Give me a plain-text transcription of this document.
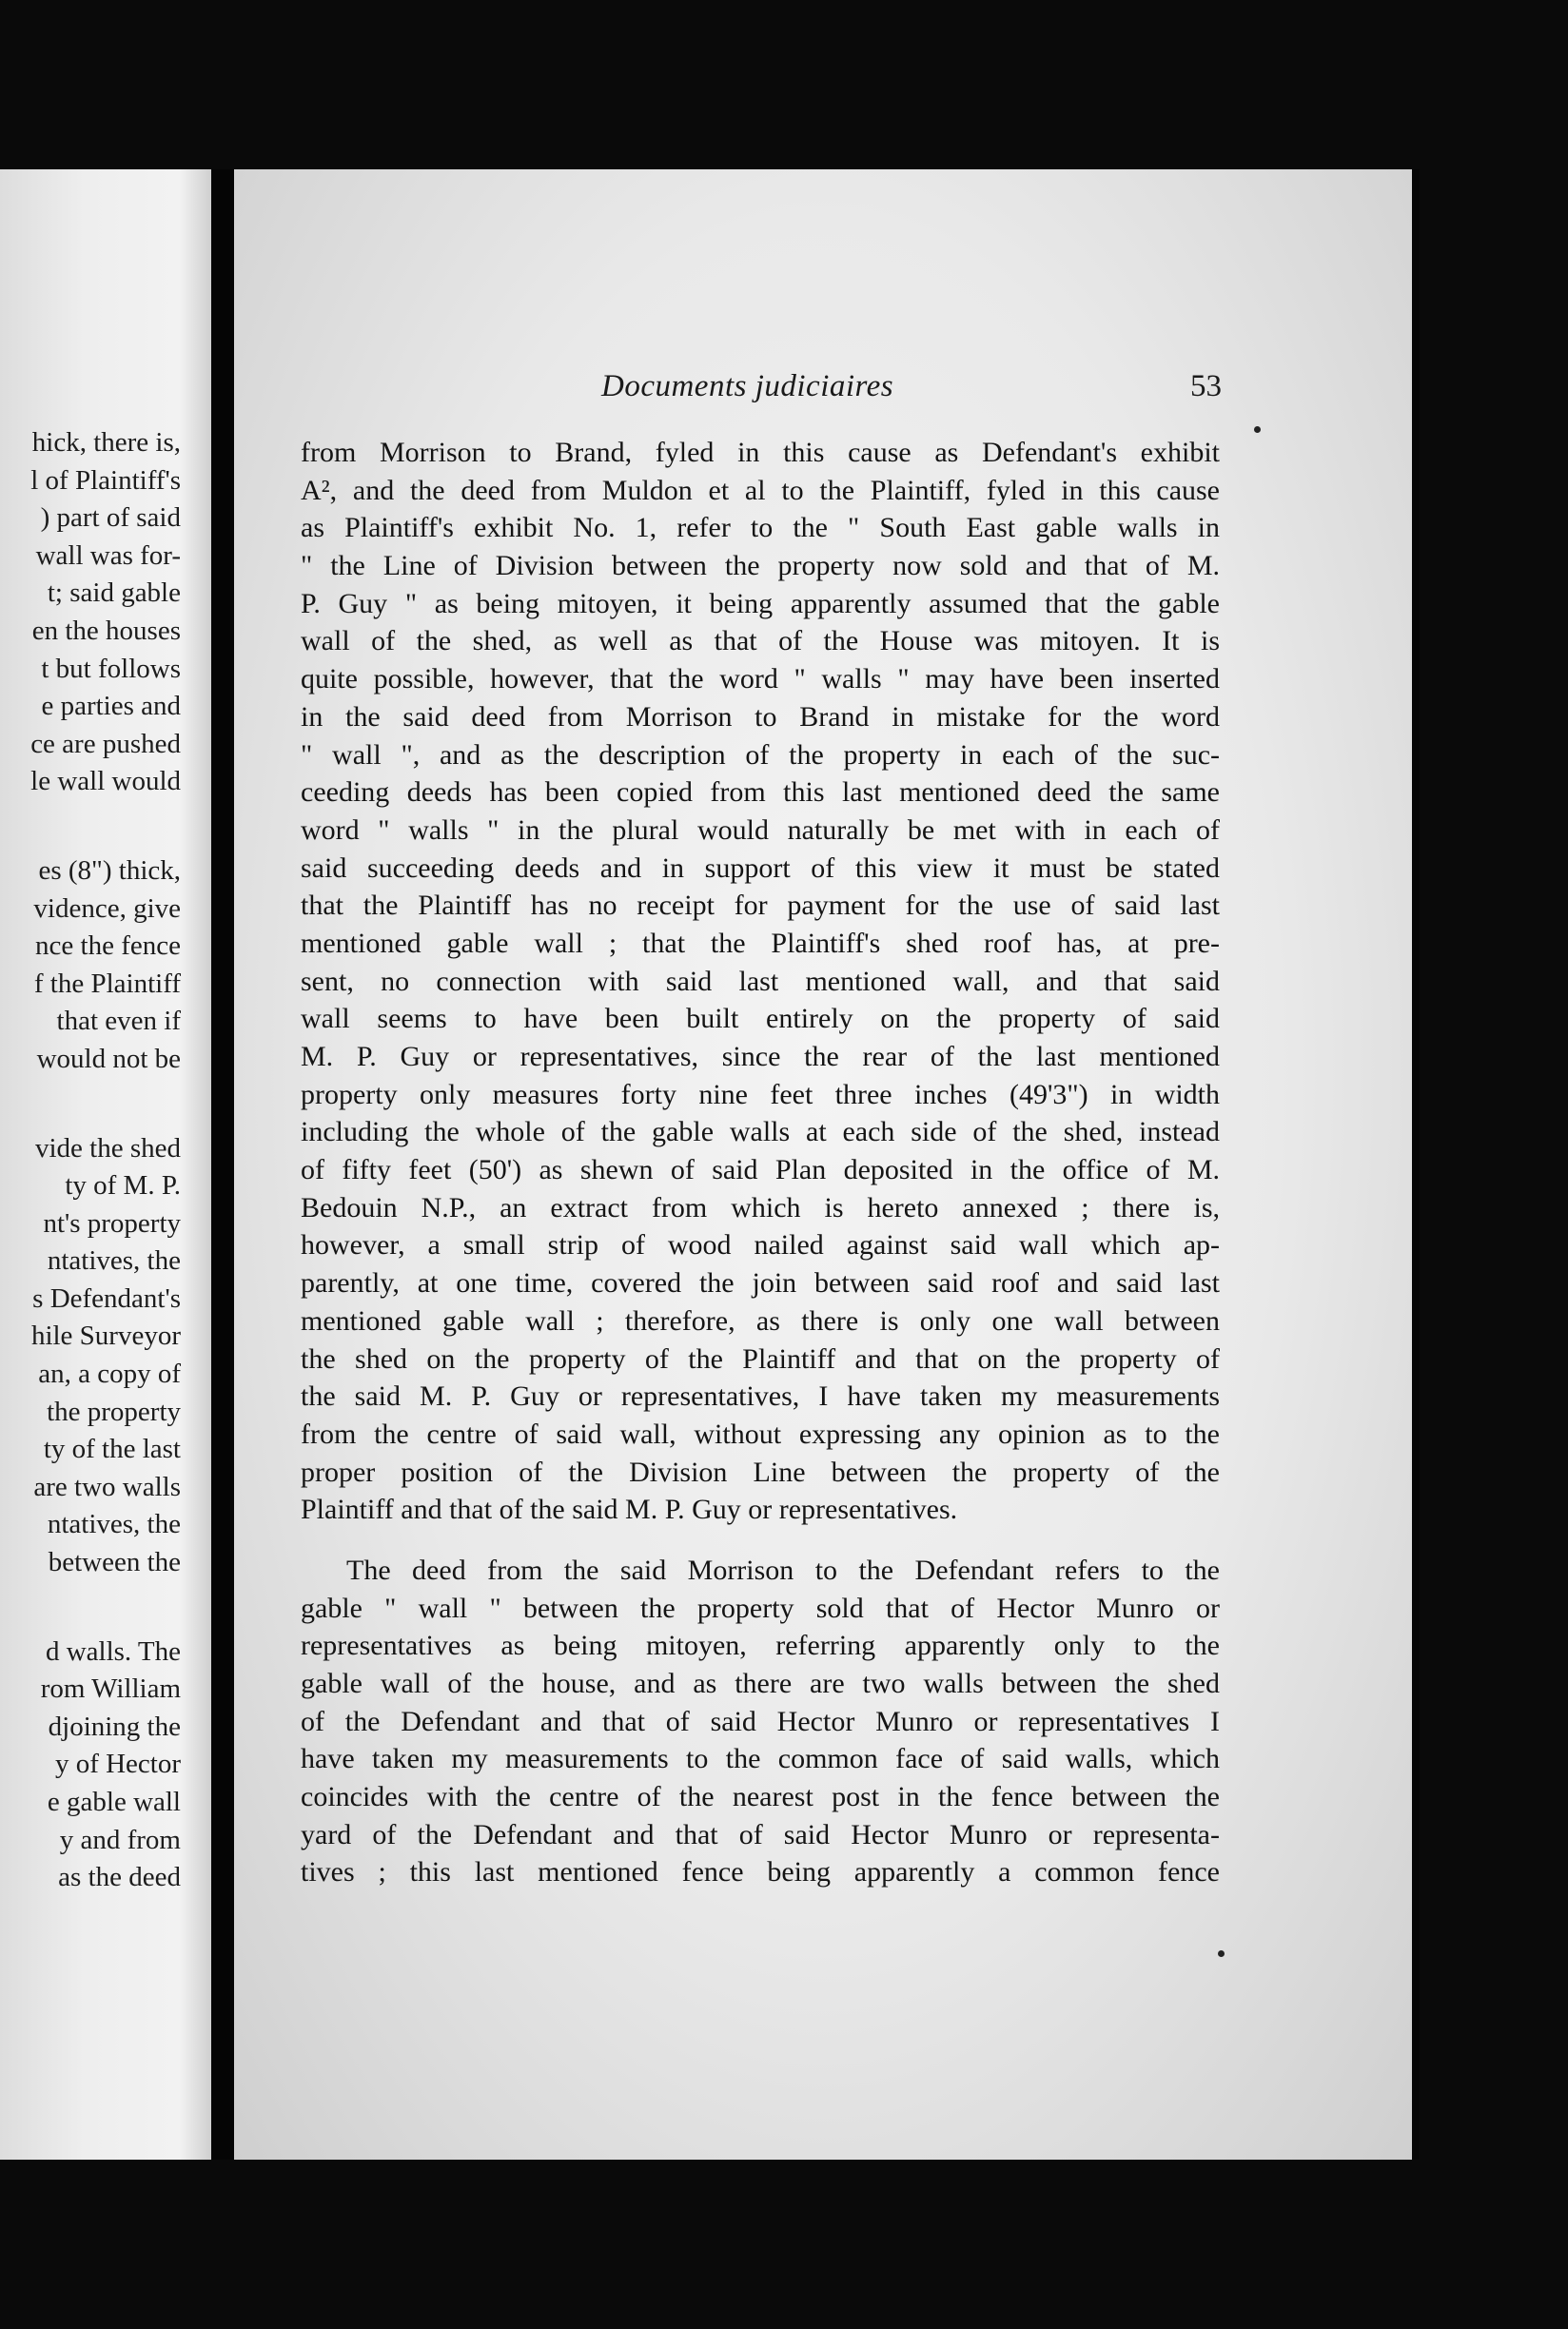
hick, there is,
l of Plaintiff's
) part of said
wall was for-
t; said gable
en the houses
t but follows
e parties and
ce are pushed
le wall would
es (8") thick,
vidence, give
nce the fence
f the Plaintiff
that even if
would not be
vide the shed
ty of M. P.
nt's property
ntatives, the
s Defendant's
hile Surveyor
an, a copy of
the property
ty of the last
are two walls
ntatives, the
between the
d walls. The
rom William
djoining the
y of Hector
e gable wall
y and from
as the deed
Documents judiciaires	53
from Morrison to Brand, fyled in this cause as Defendant's exhibit
A², and the deed from Muldon et al to the Plaintiff, fyled in this cause
as Plaintiff's exhibit No. 1, refer to the " South East gable walls in
" the Line of Division between the property now sold and that of M.
P. Guy " as being mitoyen, it being apparently assumed that the gable
wall of the shed, as well as that of the House was mitoyen. It is
quite possible, however, that the word " walls " may have been inserted
in the said deed from Morrison to Brand in mistake for the word
" wall ", and as the description of the property in each of the suc-
ceeding deeds has been copied from this last mentioned deed the same
word " walls " in the plural would naturally be met with in each of
said succeeding deeds and in support of this view it must be stated
that the Plaintiff has no receipt for payment for the use of said last
mentioned gable wall ; that the Plaintiff's shed roof has, at pre-
sent, no connection with said last mentioned wall, and that said
wall seems to have been built entirely on the property of said
M. P. Guy or representatives, since the rear of the last mentioned
property only measures forty nine feet three inches (49'3") in width
including the whole of the gable walls at each side of the shed, instead
of fifty feet (50') as shewn of said Plan deposited in the office of M.
Bedouin N.P., an extract from which is hereto annexed ; there is,
however, a small strip of wood nailed against said wall which ap-
parently, at one time, covered the join between said roof and said last
mentioned gable wall ; therefore, as there is only one wall between
the shed on the property of the Plaintiff and that on the property of
the said M. P. Guy or representatives, I have taken my measurements
from the centre of said wall, without expressing any opinion as to the
proper position of the Division Line between the property of the
Plaintiff and that of the said M. P. Guy or representatives.
The deed from the said Morrison to the Defendant refers to the
gable " wall " between the property sold that of Hector Munro or
representatives as being mitoyen, referring apparently only to the
gable wall of the house, and as there are two walls between the shed
of the Defendant and that of said Hector Munro or representatives I
have taken my measurements to the common face of said walls, which
coincides with the centre of the nearest post in the fence between the
yard of the Defendant and that of said Hector Munro or representa-
tives ; this last mentioned fence being apparently a common fence
